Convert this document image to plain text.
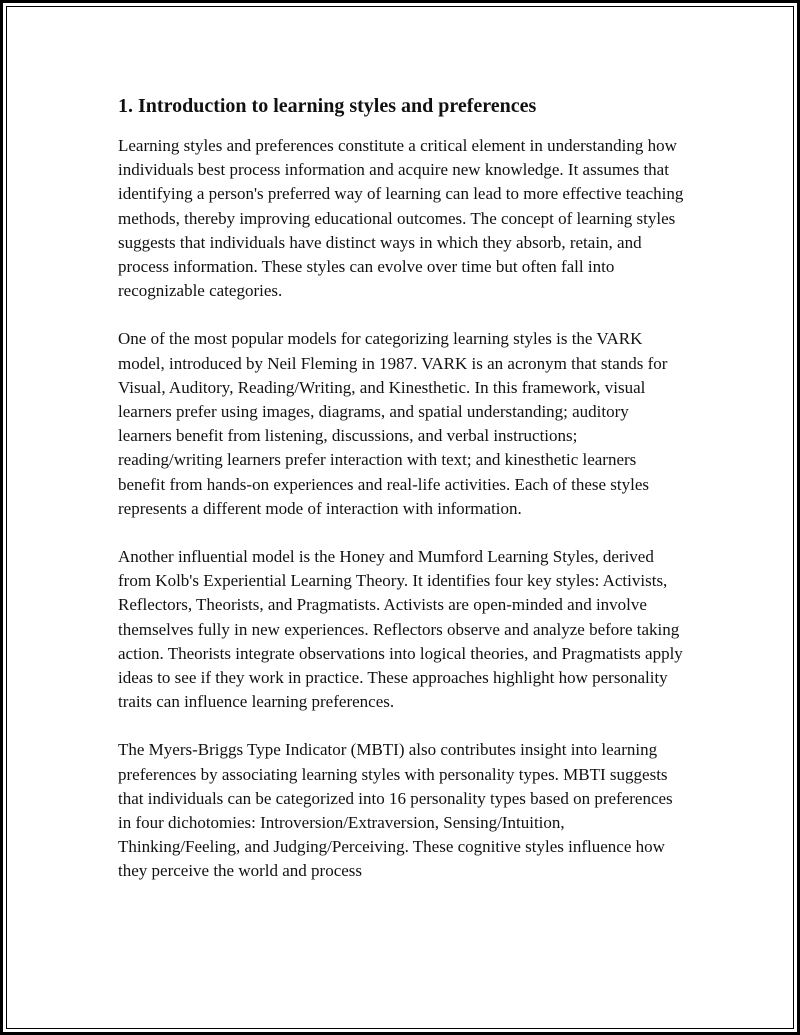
1. Introduction to learning styles and preferences

Learning styles and preferences constitute a critical element in understanding how individuals best process information and acquire new knowledge. It assumes that identifying a person's preferred way of learning can lead to more effective teaching methods, thereby improving educational outcomes. The concept of learning styles suggests that individuals have distinct ways in which they absorb, retain, and process information. These styles can evolve over time but often fall into recognizable categories.

One of the most popular models for categorizing learning styles is the VARK model, introduced by Neil Fleming in 1987. VARK is an acronym that stands for Visual, Auditory, Reading/Writing, and Kinesthetic. In this framework, visual learners prefer using images, diagrams, and spatial understanding; auditory learners benefit from listening, discussions, and verbal instructions; reading/writing learners prefer interaction with text; and kinesthetic learners benefit from hands-on experiences and real-life activities. Each of these styles represents a different mode of interaction with information.

Another influential model is the Honey and Mumford Learning Styles, derived from Kolb's Experiential Learning Theory. It identifies four key styles: Activists, Reflectors, Theorists, and Pragmatists. Activists are open-minded and involve themselves fully in new experiences. Reflectors observe and analyze before taking action. Theorists integrate observations into logical theories, and Pragmatists apply ideas to see if they work in practice. These approaches highlight how personality traits can influence learning preferences.

The Myers-Briggs Type Indicator (MBTI) also contributes insight into learning preferences by associating learning styles with personality types. MBTI suggests that individuals can be categorized into 16 personality types based on preferences in four dichotomies: Introversion/Extraversion, Sensing/Intuition, Thinking/Feeling, and Judging/Perceiving. These cognitive styles influence how they perceive the world and process
